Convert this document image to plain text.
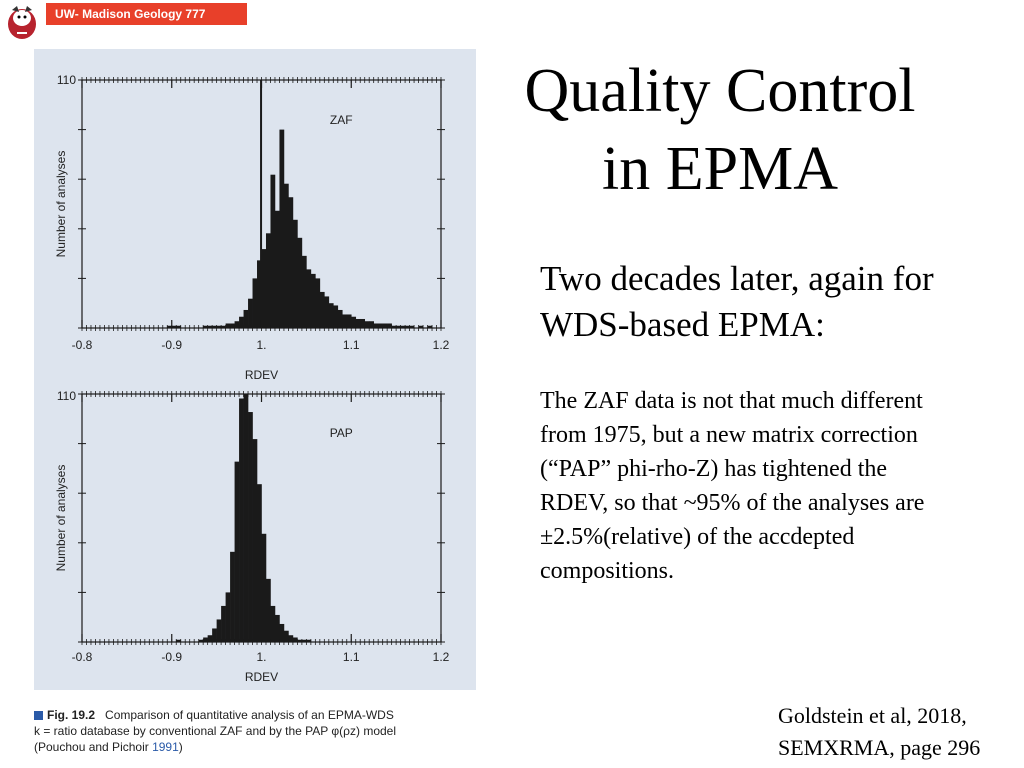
UW- Madison Geology 777
110
-0.8	-0.9	1.	1.1	1.2
RDEV
Number of analyses
ZAF
110
-0.8	-0.9	1.	1.1	1.2
RDEV
Number of analyses
PAP
Quality Control
in EPMA
Two decades later, again for WDS-based EPMA:
The ZAF data is not that much different from 1975, but a new matrix correction (“PAP” phi-rho-Z) has tightened the RDEV, so that ~95% of the analyses are ±2.5%(relative) of the accdepted compositions.
Goldstein et al, 2018,
SEMXRMA, page 296
Fig. 19.2 Comparison of quantitative analysis of an EPMA-WDS
k = ratio database by conventional ZAF and by the PAP φ(ρz) model
(Pouchou and Pichoir 1991)
